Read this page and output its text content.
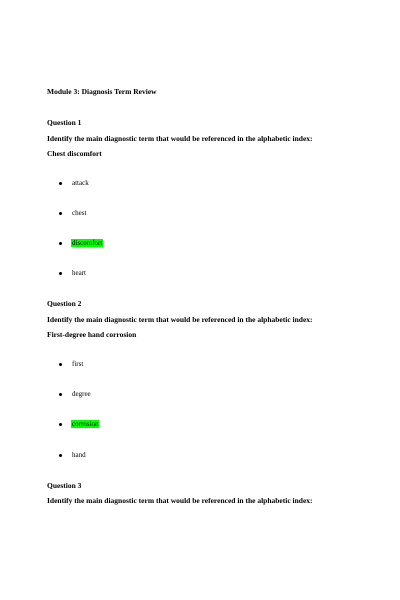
Module 3: Diagnosis Term Review
Question 1
Identify the main diagnostic term that would be referenced in the alphabetic index:
Chest discomfort
attack
chest
discomfort
heart
Question 2
Identify the main diagnostic term that would be referenced in the alphabetic index:
First-degree hand corrosion
first
degree
corrosion
hand
Question 3
Identify the main diagnostic term that would be referenced in the alphabetic index:
